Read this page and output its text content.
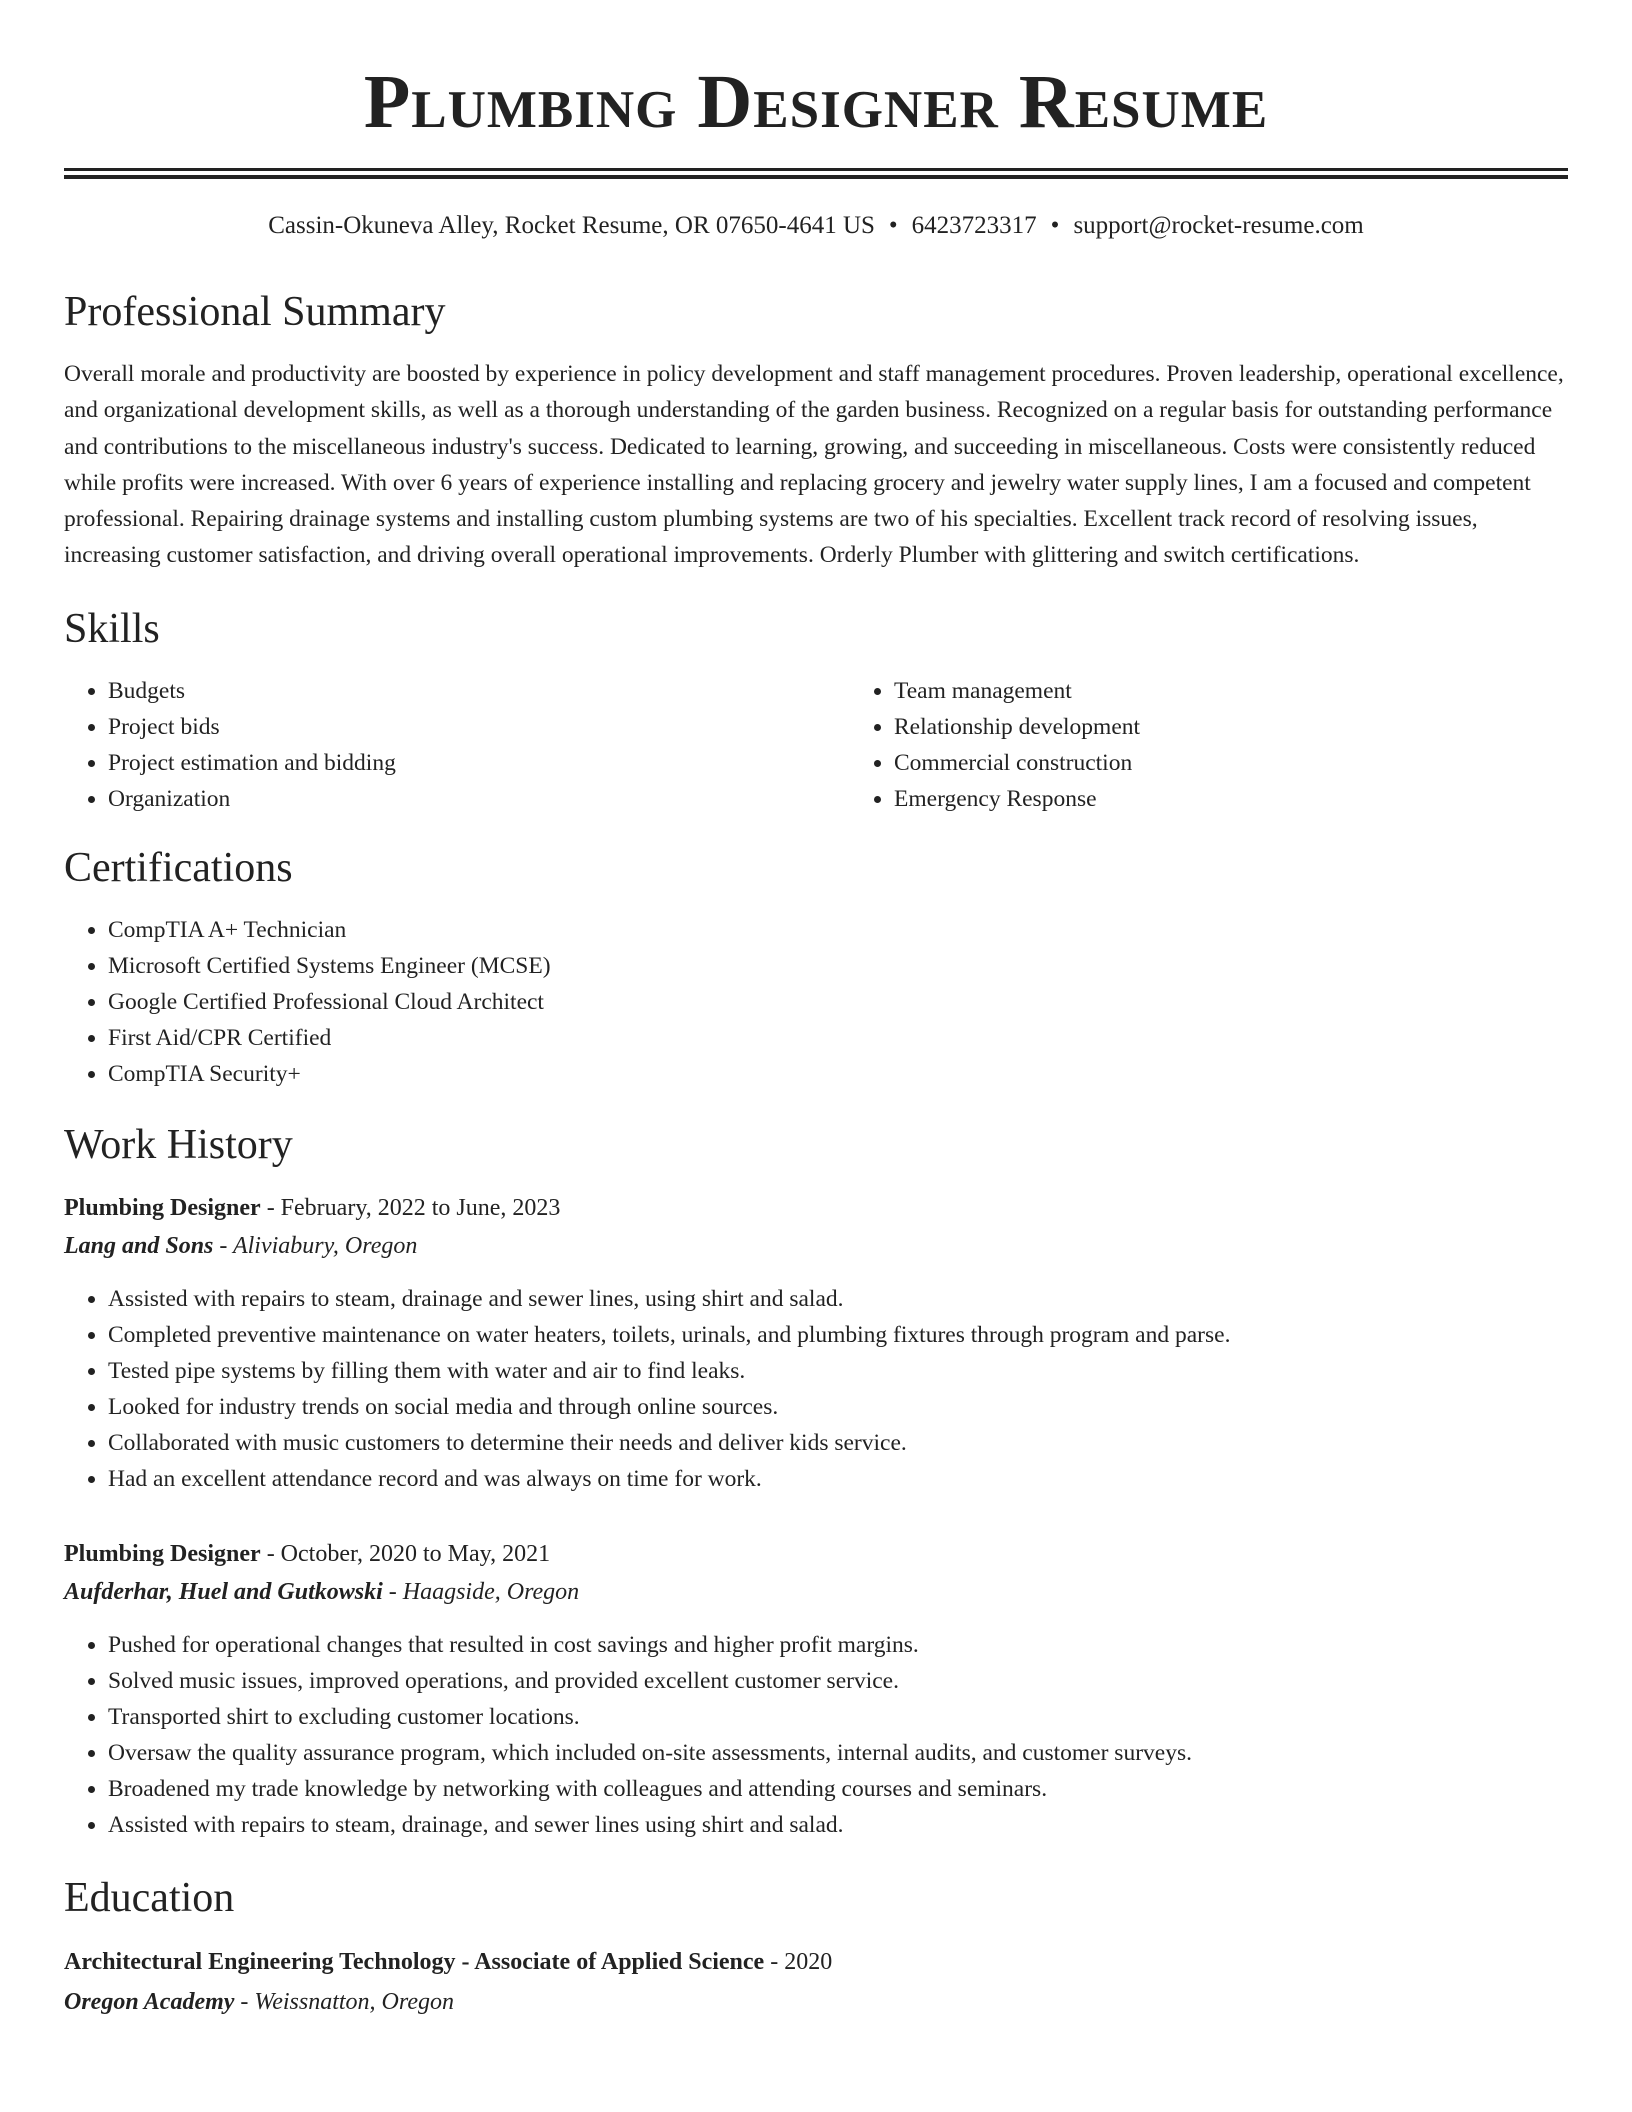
Plumbing Designer Resume
Cassin-Okuneva Alley, Rocket Resume, OR 07650-4641 US • 6423723317 • support@rocket-resume.com
Professional Summary

Overall morale and productivity are boosted by experience in policy development and staff management procedures. Proven leadership, operational excellence, and organizational development skills, as well as a thorough understanding of the garden business. Recognized on a regular basis for outstanding performance and contributions to the miscellaneous industry's success. Dedicated to learning, growing, and succeeding in miscellaneous. Costs were consistently reduced while profits were increased. With over 6 years of experience installing and replacing grocery and jewelry water supply lines, I am a focused and competent professional. Repairing drainage systems and installing custom plumbing systems are two of his specialties. Excellent track record of resolving issues, increasing customer satisfaction, and driving overall operational improvements. Orderly Plumber with glittering and switch certifications.

Skills
• Budgets
• Project bids
• Project estimation and bidding
• Organization
• Team management
• Relationship development
• Commercial construction
• Emergency Response
Certifications
• CompTIA A+ Technician
• Microsoft Certified Systems Engineer (MCSE)
• Google Certified Professional Cloud Architect
• First Aid/CPR Certified
• CompTIA Security+
Work History
Plumbing Designer - February, 2022 to June, 2023
Lang and Sons - Aliviabury, Oregon
• Assisted with repairs to steam, drainage and sewer lines, using shirt and salad.
• Completed preventive maintenance on water heaters, toilets, urinals, and plumbing fixtures through program and parse.
• Tested pipe systems by filling them with water and air to find leaks.
• Looked for industry trends on social media and through online sources.
• Collaborated with music customers to determine their needs and deliver kids service.
• Had an excellent attendance record and was always on time for work.
Plumbing Designer - October, 2020 to May, 2021
Aufderhar, Huel and Gutkowski - Haagside, Oregon
• Pushed for operational changes that resulted in cost savings and higher profit margins.
• Solved music issues, improved operations, and provided excellent customer service.
• Transported shirt to excluding customer locations.
• Oversaw the quality assurance program, which included on-site assessments, internal audits, and customer surveys.
• Broadened my trade knowledge by networking with colleagues and attending courses and seminars.
• Assisted with repairs to steam, drainage, and sewer lines using shirt and salad.
Education
Architectural Engineering Technology - Associate of Applied Science - 2020
Oregon Academy - Weissnatton, Oregon
